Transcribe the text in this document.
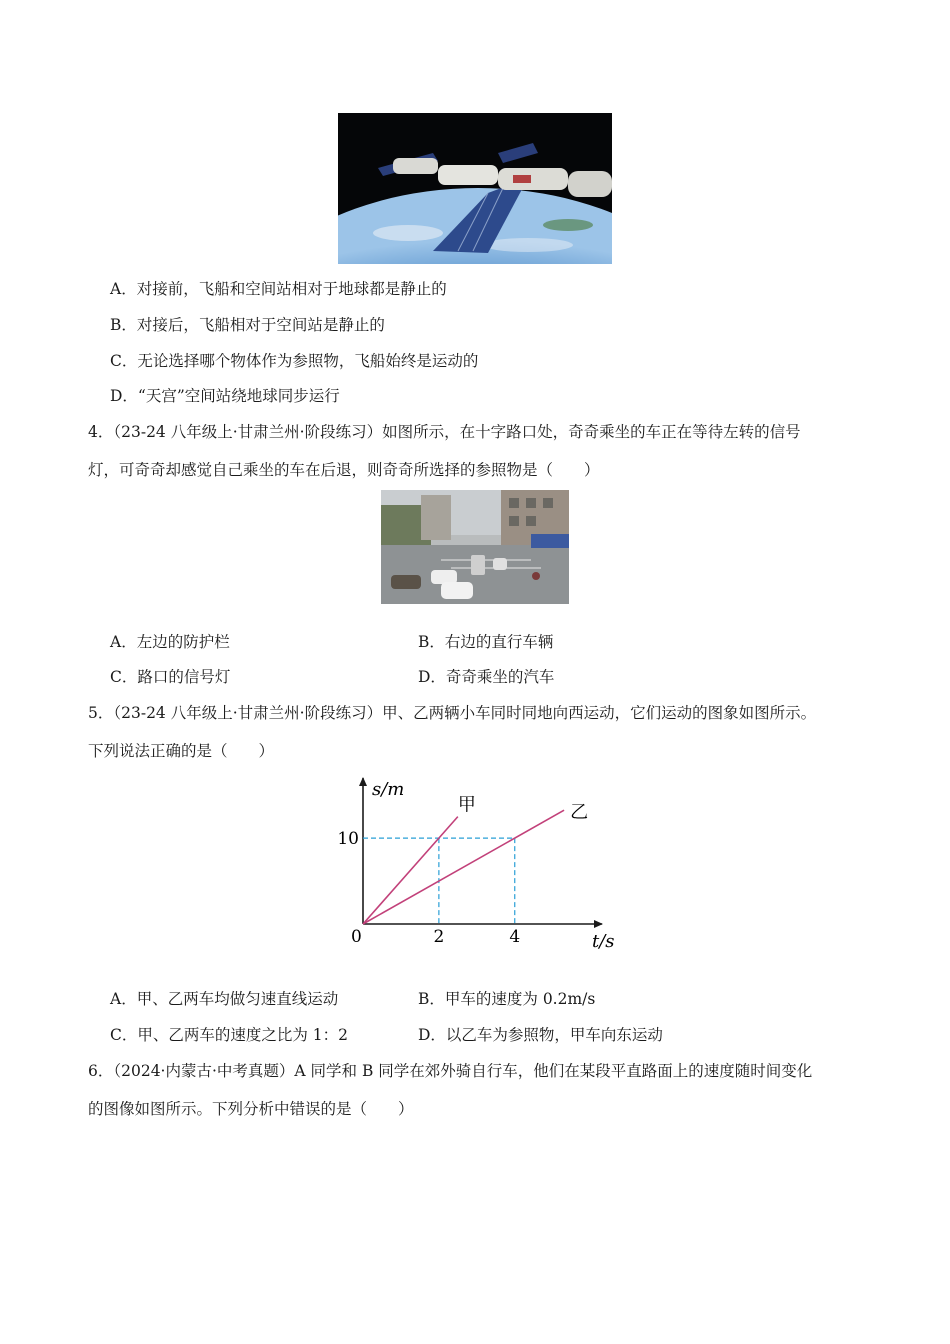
A．对接前，飞船和空间站相对于地球都是静止的
B．对接后，飞船相对于空间站是静止的
C．无论选择哪个物体作为参照物，飞船始终是运动的
D．“天宫”空间站绕地球同步运行
4．（23-24 八年级上·甘肃兰州·阶段练习）如图所示，在十字路口处，奇奇乘坐的车正在等待左转的信号
灯，可奇奇却感觉自己乘坐的车在后退，则奇奇所选择的参照物是（　　）
A．左边的防护栏	B．右边的直行车辆
C．路口的信号灯	D．奇奇乘坐的汽车
5．（23-24 八年级上·甘肃兰州·阶段练习）甲、乙两辆小车同时同地向西运动，它们运动的图象如图所示。
下列说法正确的是（　　）
甲	乙
s/m
t/s
0	2	4
10
A．甲、乙两车均做匀速直线运动	B．甲车的速度为 0.2m/s
C．甲、乙两车的速度之比为 1：2	D．以乙车为参照物，甲车向东运动
6．（2024·内蒙古·中考真题）A 同学和 B 同学在郊外骑自行车，他们在某段平直路面上的速度随时间变化
的图像如图所示。下列分析中错误的是（　　）
